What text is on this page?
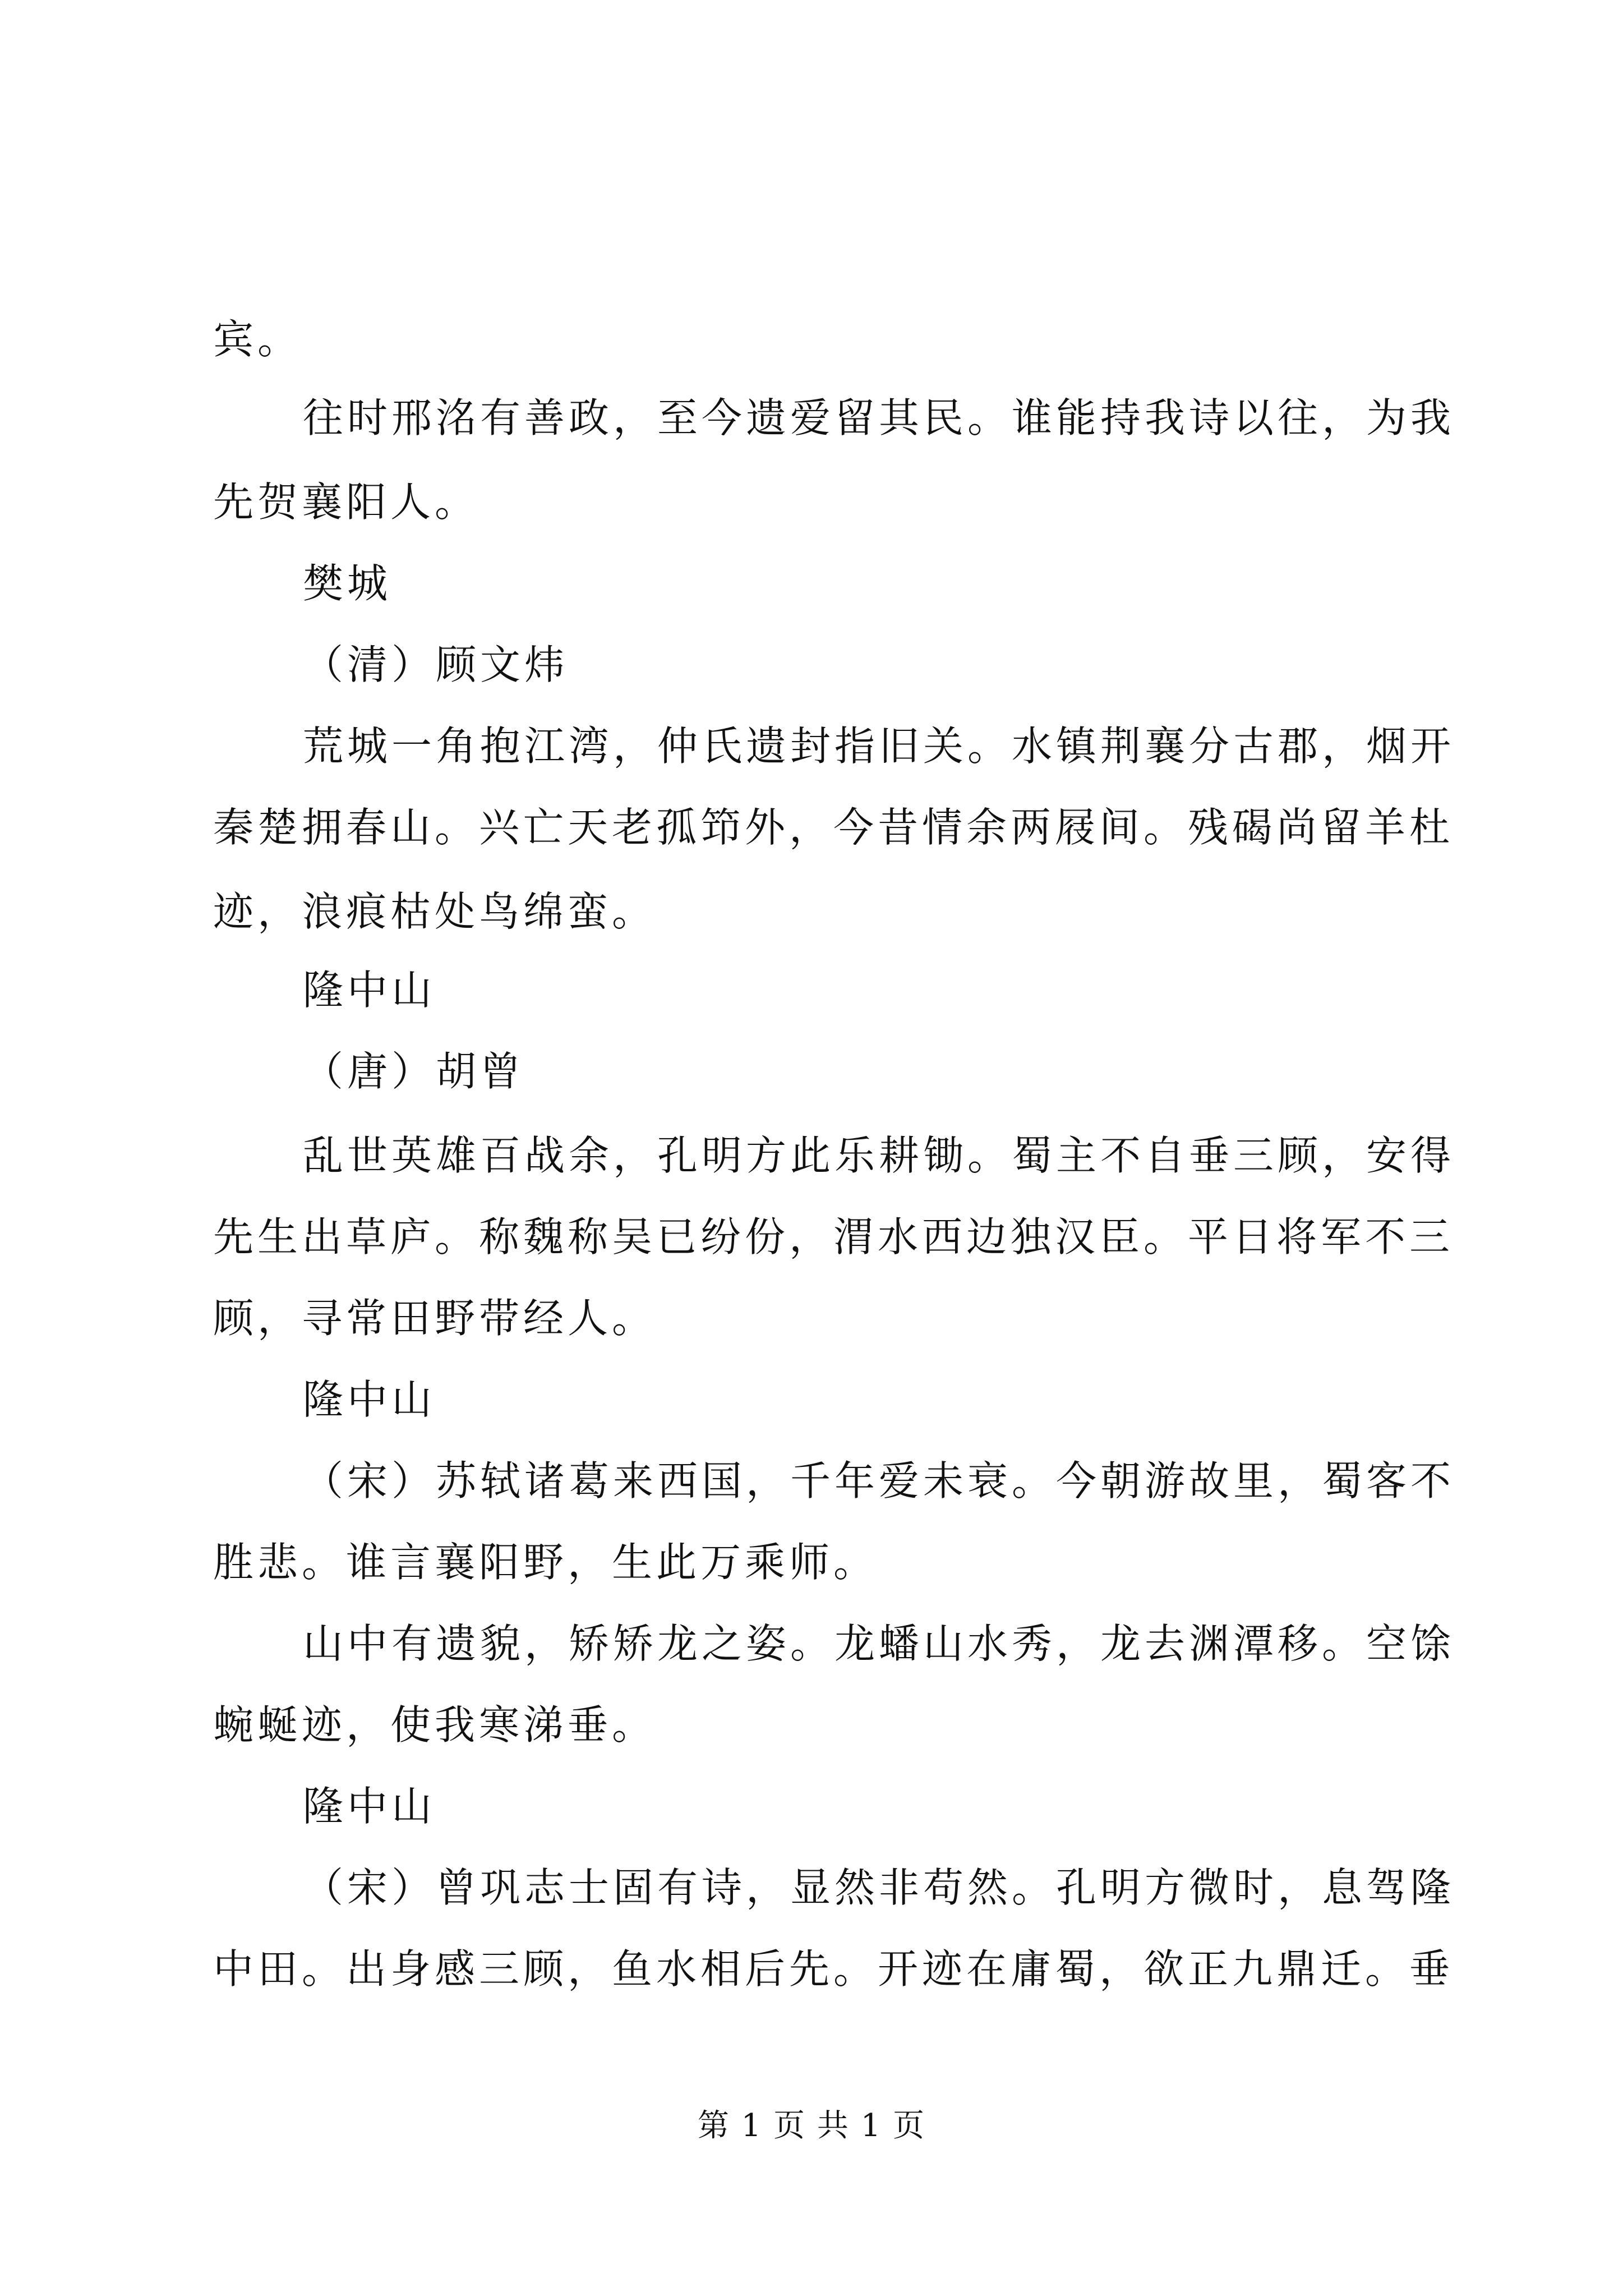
宾。
往时邢洺有善政，至今遗爱留其民。谁能持我诗以往，为我
先贺襄阳人。
樊城
（清）顾文炜
荒城一角抱江湾，仲氏遗封指旧关。水镇荆襄分古郡，烟开
秦楚拥春山。兴亡天老孤笻外，今昔情余两屐间。残碣尚留羊杜
迹，浪痕枯处鸟绵蛮。
隆中山
（唐）胡曾
乱世英雄百战余，孔明方此乐耕锄。蜀主不自垂三顾，安得
先生出草庐。称魏称吴已纷份，渭水西边独汉臣。平日将军不三
顾，寻常田野带经人。
隆中山
（宋）苏轼诸葛来西国，千年爱未衰。今朝游故里，蜀客不
胜悲。谁言襄阳野，生此万乘师。
山中有遗貌，矫矫龙之姿。龙蟠山水秀，龙去渊潭移。空馀
蜿蜒迹，使我寒涕垂。
隆中山
（宋）曾巩志士固有诗，显然非苟然。孔明方微时，息驾隆
中田。出身感三顾，鱼水相后先。开迹在庸蜀，欲正九鼎迁。垂
第 1 页 共 1 页
